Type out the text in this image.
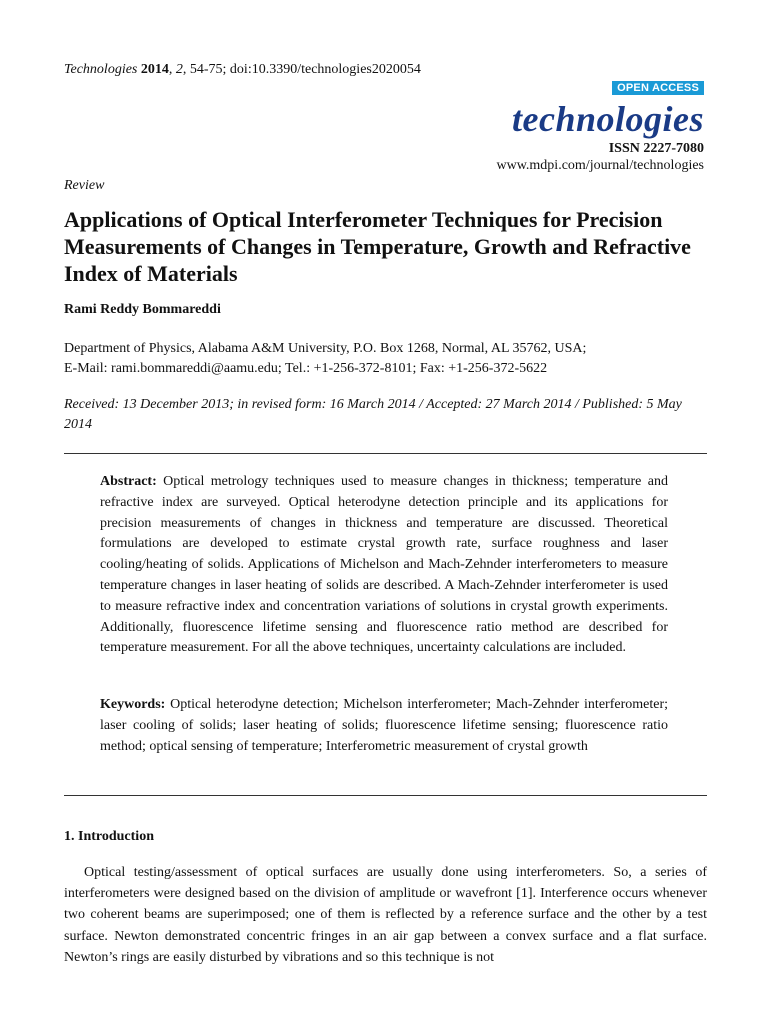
Technologies 2014, 2, 54-75; doi:10.3390/technologies2020054
OPEN ACCESS
technologies
ISSN 2227-7080
www.mdpi.com/journal/technologies
Review
Applications of Optical Interferometer Techniques for Precision Measurements of Changes in Temperature, Growth and Refractive Index of Materials
Rami Reddy Bommareddi
Department of Physics, Alabama A&M University, P.O. Box 1268, Normal, AL 35762, USA;
E-Mail: rami.bommareddi@aamu.edu; Tel.: +1-256-372-8101; Fax: +1-256-372-5622
Received: 13 December 2013; in revised form: 16 March 2014 / Accepted: 27 March 2014 / Published: 5 May 2014

Abstract: Optical metrology techniques used to measure changes in thickness; temperature and refractive index are surveyed. Optical heterodyne detection principle and its applications for precision measurements of changes in thickness and temperature are discussed. Theoretical formulations are developed to estimate crystal growth rate, surface roughness and laser cooling/heating of solids. Applications of Michelson and Mach-Zehnder interferometers to measure temperature changes in laser heating of solids are described. A Mach-Zehnder interferometer is used to measure refractive index and concentration variations of solutions in crystal growth experiments. Additionally, fluorescence lifetime sensing and fluorescence ratio method are described for temperature measurement. For all the above techniques, uncertainty calculations are included.

Keywords: Optical heterodyne detection; Michelson interferometer; Mach-Zehnder interferometer; laser cooling of solids; laser heating of solids; fluorescence lifetime sensing; fluorescence ratio method; optical sensing of temperature; Interferometric measurement of crystal growth

1. Introduction

Optical testing/assessment of optical surfaces are usually done using interferometers. So, a series of interferometers were designed based on the division of amplitude or wavefront [1]. Interference occurs whenever two coherent beams are superimposed; one of them is reflected by a reference surface and the other by a test surface. Newton demonstrated concentric fringes in an air gap between a convex surface and a flat surface. Newton’s rings are easily disturbed by vibrations and so this technique is not
